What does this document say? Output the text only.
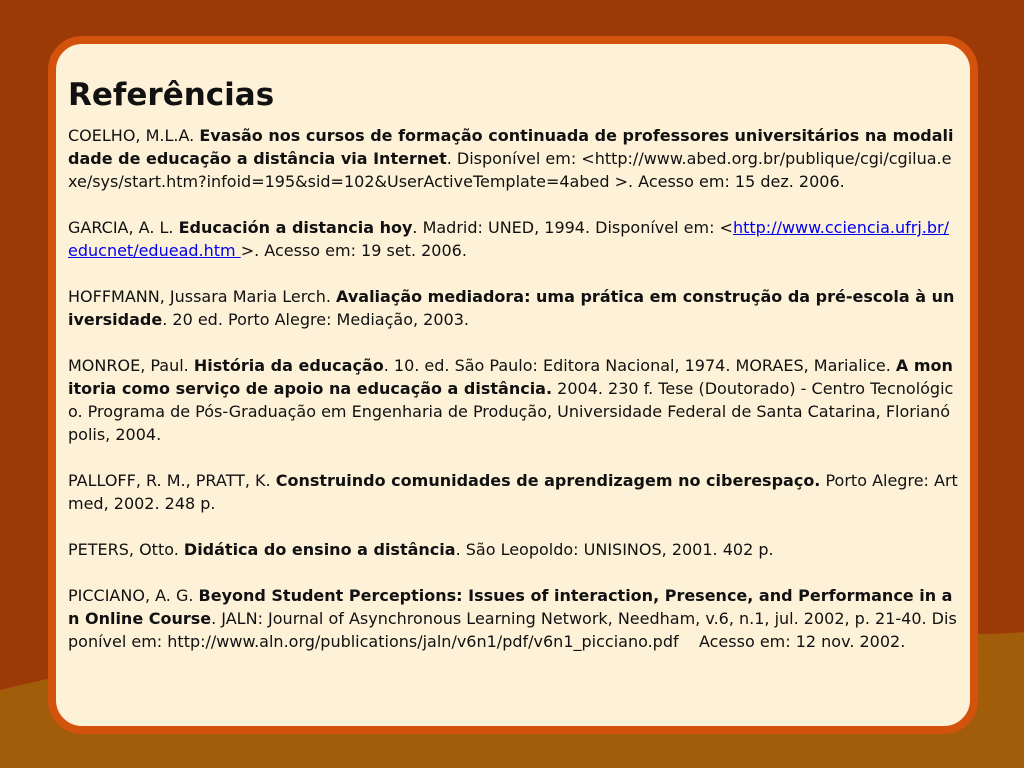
Referências

COELHO, M.L.A. Evasão nos cursos de formação continuada de professores universitários na modalidade de educação a distância via Internet. Disponível em: <http://www.abed.org.br/publique/cgi/cgilua.exe/sys/start.htm?infoid=195&sid=102&UserActiveTemplate=4abed >. Acesso em: 15 dez. 2006.

GARCIA, A. L. Educación a distancia hoy. Madrid: UNED, 1994. Disponível em: <http://www.cciencia.ufrj.br/educnet/eduead.htm >. Acesso em: 19 set. 2006.

HOFFMANN, Jussara Maria Lerch. Avaliação mediadora: uma prática em construção da pré-escola à universidade. 20 ed. Porto Alegre: Mediação, 2003.

MONROE, Paul. História da educação. 10. ed. São Paulo: Editora Nacional, 1974. MORAES, Marialice. A monitoria como serviço de apoio na educação a distância. 2004. 230 f. Tese (Doutorado) - Centro Tecnológico. Programa de Pós-Graduação em Engenharia de Produção, Universidade Federal de Santa Catarina, Florianópolis, 2004.

PALLOFF, R. M., PRATT, K. Construindo comunidades de aprendizagem no ciberespaço. Porto Alegre: Artmed, 2002. 248 p.

PETERS, Otto. Didática do ensino a distância. São Leopoldo: UNISINOS, 2001. 402 p.

PICCIANO, A. G. Beyond Student Perceptions: Issues of interaction, Presence, and Performance in an Online Course. JALN: Journal of Asynchronous Learning Network, Needham, v.6, n.1, jul. 2002, p. 21-40. Disponível em: http://www.aln.org/publications/jaln/v6n1/pdf/v6n1_picciano.pdf    Acesso em: 12 nov. 2002.
